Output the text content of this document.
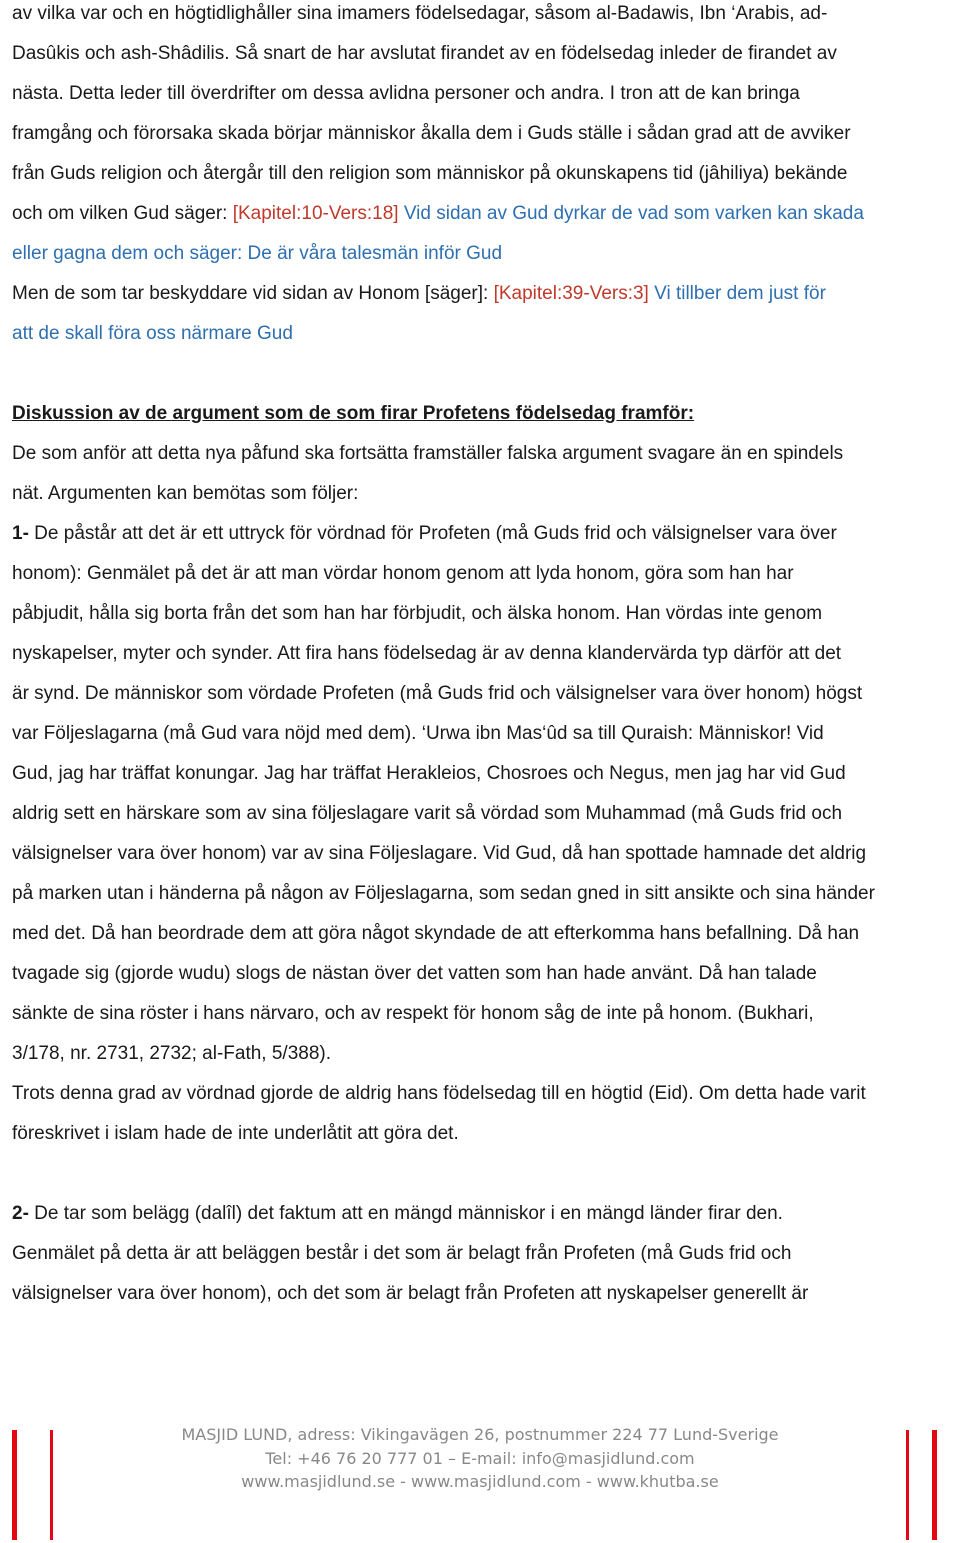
av vilka var och en högtidlighåller sina imamers födelsedagar, såsom al-Badawis, Ibn ‘Arabis, ad-
Dasûkis och ash-Shâdilis. Så snart de har avslutat firandet av en födelsedag inleder de firandet av
nästa. Detta leder till överdrifter om dessa avlidna personer och andra. I tron att de kan bringa
framgång och förorsaka skada börjar människor åkalla dem i Guds ställe i sådan grad att de avviker
från Guds religion och återgår till den religion som människor på okunskapens tid (jâhiliya) bekände
och om vilken Gud säger: [Kapitel:10-Vers:18] Vid sidan av Gud dyrkar de vad som varken kan skada
eller gagna dem och säger: De är våra talesmän inför Gud
Men de som tar beskyddare vid sidan av Honom [säger]: [Kapitel:39-Vers:3] Vi tillber dem just för
att de skall föra oss närmare Gud
Diskussion av de argument som de som firar Profetens födelsedag framför:
De som anför att detta nya påfund ska fortsätta framställer falska argument svagare än en spindels
nät. Argumenten kan bemötas som följer:
1- De påstår att det är ett uttryck för vördnad för Profeten (må Guds frid och välsignelser vara över
honom): Genmälet på det är att man vördar honom genom att lyda honom, göra som han har
påbjudit, hålla sig borta från det som han har förbjudit, och älska honom. Han vördas inte genom
nyskapelser, myter och synder. Att fira hans födelsedag är av denna klandervärda typ därför att det
är synd. De människor som vördade Profeten (må Guds frid och välsignelser vara över honom) högst
var Följeslagarna (må Gud vara nöjd med dem). ‘Urwa ibn Mas‘ûd sa till Quraish: Människor! Vid
Gud, jag har träffat konungar. Jag har träffat Herakleios, Chosroes och Negus, men jag har vid Gud
aldrig sett en härskare som av sina följeslagare varit så vördad som Muhammad (må Guds frid och
välsignelser vara över honom) var av sina Följeslagare. Vid Gud, då han spottade hamnade det aldrig
på marken utan i händerna på någon av Följeslagarna, som sedan gned in sitt ansikte och sina händer
med det. Då han beordrade dem att göra något skyndade de att efterkomma hans befallning. Då han
tvagade sig (gjorde wudu) slogs de nästan över det vatten som han hade använt. Då han talade
sänkte de sina röster i hans närvaro, och av respekt för honom såg de inte på honom. (Bukhari,
3/178, nr. 2731, 2732; al-Fath, 5/388).
Trots denna grad av vördnad gjorde de aldrig hans födelsedag till en högtid (Eid). Om detta hade varit
föreskrivet i islam hade de inte underlåtit att göra det.
2- De tar som belägg (dalîl) det faktum att en mängd människor i en mängd länder firar den.
Genmälet på detta är att beläggen består i det som är belagt från Profeten (må Guds frid och
välsignelser vara över honom), och det som är belagt från Profeten att nyskapelser generellt är
MASJID LUND, adress: Vikingavägen 26, postnummer 224 77 Lund-Sverige
Tel: +46 76 20 777 01 – E-mail: info@masjidlund.com
www.masjidlund.se - www.masjidlund.com - www.khutba.se
